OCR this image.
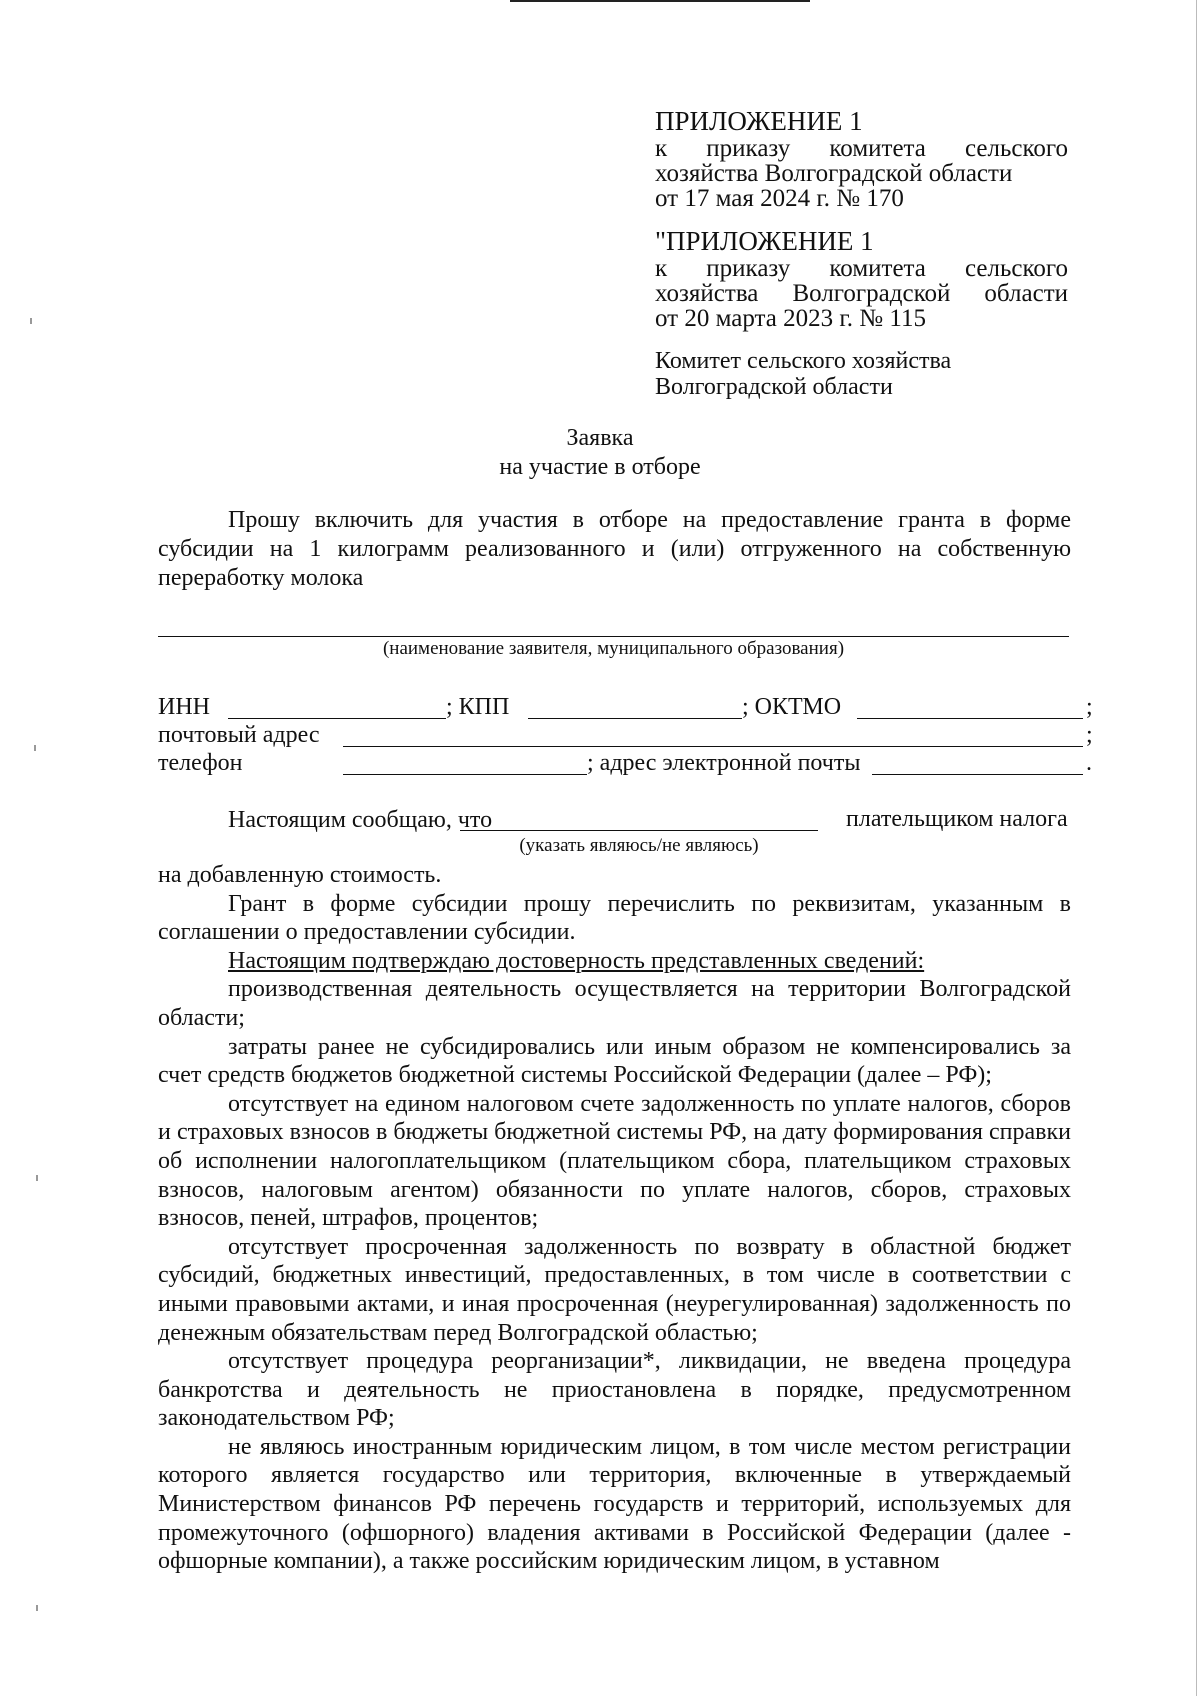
ПРИЛОЖЕНИЕ 1
к приказу комитета сельского
хозяйства Волгоградской области
от 17 мая 2024 г. № 170
"ПРИЛОЖЕНИЕ 1
к приказу комитета сельского
хозяйства Волгоградской области
от 20 марта 2023 г. № 115
Комитет сельского хозяйства
Волгоградской области
Заявка
на участие в отборе

Прошу включить для участия в отборе на предоставление гранта в форме субсидии на 1 килограмм реализованного и (или) отгруженного на собственную переработку молока

(наименование заявителя, муниципального образования)
ИНН	; КПП	; ОКТМО	;
почтовый адрес	;
телефон	; адрес электронной почты	.
Настоящим сообщаю, что	плательщиком налога
(указать являюсь/не являюсь)

на добавленную стоимость.

Грант в форме субсидии прошу перечислить по реквизитам, указанным в соглашении о предоставлении субсидии.

Настоящим подтверждаю достоверность представленных сведений:

производственная деятельность осуществляется на территории Волгоградской области;

затраты ранее не субсидировались или иным образом не компенсировались за счет средств бюджетов бюджетной системы Российской Федерации (далее – РФ);

отсутствует на едином налоговом счете задолженность по уплате налогов, сборов и страховых взносов в бюджеты бюджетной системы РФ, на дату формирования справки об исполнении налогоплательщиком (плательщиком сбора, плательщиком страховых взносов, налоговым агентом) обязанности по уплате налогов, сборов, страховых взносов, пеней, штрафов, процентов;

отсутствует просроченная задолженность по возврату в областной бюджет субсидий, бюджетных инвестиций, предоставленных, в том числе в соответствии с иными правовыми актами, и иная просроченная (неурегулированная) задолженность по денежным обязательствам перед Волгоградской областью;

отсутствует процедура реорганизации*, ликвидации, не введена процедура банкротства и деятельность не приостановлена в порядке, предусмотренном законодательством РФ;

не являюсь иностранным юридическим лицом, в том числе местом регистрации которого является государство или территория, включенные в утверждаемый Министерством финансов РФ перечень государств и территорий, используемых для промежуточного (офшорного) владения активами в Российской Федерации (далее - офшорные компании), а также российским юридическим лицом, в уставном
